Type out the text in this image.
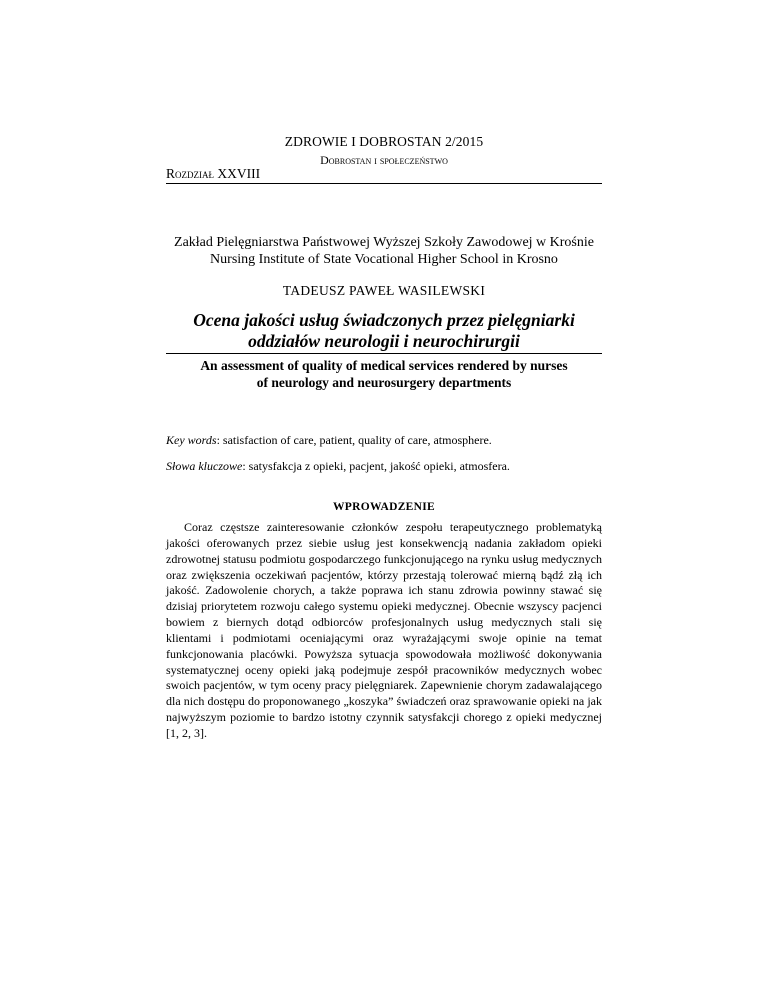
ZDROWIE I DOBROSTAN 2/2015
Dobrostan i społeczeństwo
Rozdział XXVIII
Zakład Pielęgniarstwa Państwowej Wyższej Szkoły Zawodowej w Krośnie
Nursing Institute of State Vocational Higher School in Krosno
TADEUSZ PAWEŁ WASILEWSKI
Ocena jakości usług świadczonych przez pielęgniarki
oddziałów neurologii i neurochirurgii
An assessment of quality of medical services rendered by nurses
of neurology and neurosurgery departments
Key words: satisfaction of care, patient, quality of care, atmosphere.
Słowa kluczowe: satysfakcja z opieki, pacjent, jakość opieki, atmosfera.
WPROWADZENIE
Coraz częstsze zainteresowanie członków zespołu terapeutycznego problematyką jakości oferowanych przez siebie usług jest konsekwencją nadania zakładom opieki zdrowotnej statusu podmiotu gospodarczego funkcjonującego na rynku usług medycznych oraz zwiększenia oczekiwań pacjentów, którzy przestają tolerować mierną bądź złą ich jakość. Zadowolenie chorych, a także poprawa ich stanu zdrowia powinny stawać się dzisiaj priorytetem rozwoju całego systemu opieki medycznej. Obecnie wszyscy pacjenci bowiem z biernych dotąd odbiorców profesjonalnych usług medycznych stali się klientami i podmiotami oceniającymi oraz wyrażającymi swoje opinie na temat funkcjonowania placówki. Powyższa sytuacja spowodowała możliwość dokonywania systematycznej oceny opieki jaką podejmuje zespół pracowników medycznych wobec swoich pacjentów, w tym oceny pracy pielęgniarek. Zapewnienie chorym zadawalającego dla nich dostępu do proponowanego „koszyka” świadczeń oraz sprawowanie opieki na jak najwyższym poziomie to bardzo istotny czynnik satysfakcji chorego z opieki medycznej [1, 2, 3].
